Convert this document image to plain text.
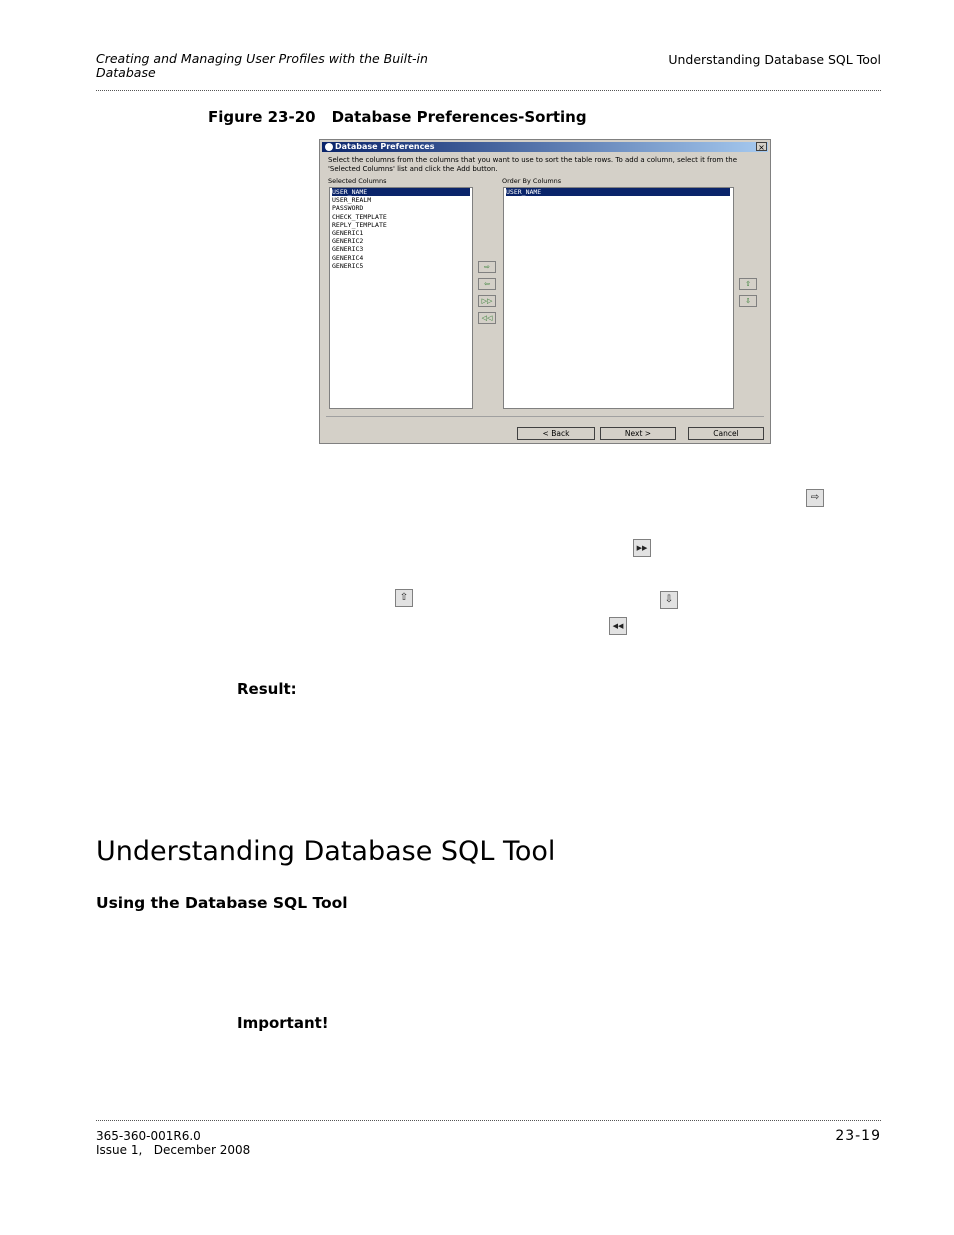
Creating and Managing User Profiles with the Built-in Database
Understanding Database SQL Tool
Figure 23-20 Database Preferences-Sorting
Database Preferences	×
Select the columns from the columns that you want to use to sort the table rows. To add a column, select it from the 'Selected Columns' list and click the Add button.
Selected Columns	Order By Columns
USER_NAME
USER_REALM
PASSWORD
CHECK_TEMPLATE
REPLY_TEMPLATE
GENERIC1
GENERIC2
GENERIC3
GENERIC4
GENERIC5	⇨
⇦
▷▷
◁◁
USER_NAME
⇧
⇩
< Back	Next >	Cancel
⇨
▶▶
⇧	⇩
◀◀
Result:
Understanding Database SQL Tool
Using the Database SQL Tool
Important!
365-360-001R6.0
Issue 1,   December 2008
23-19
